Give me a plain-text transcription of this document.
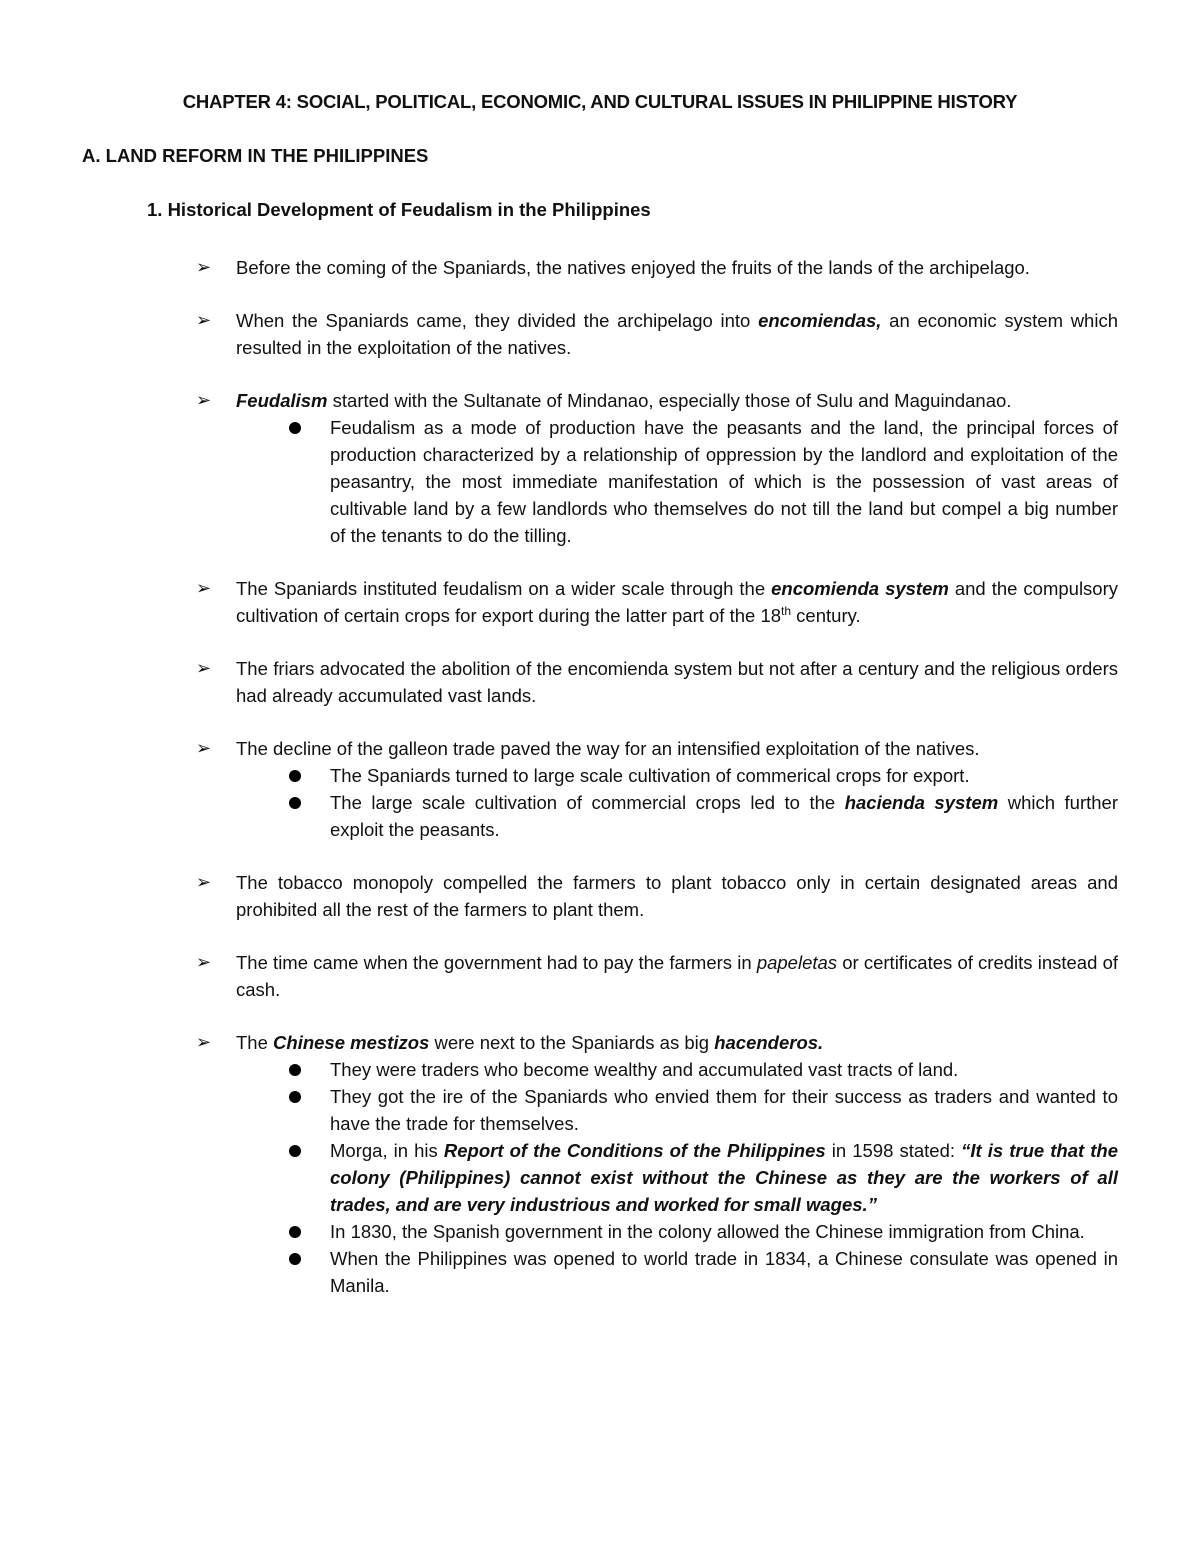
CHAPTER 4: SOCIAL, POLITICAL, ECONOMIC, AND CULTURAL ISSUES IN PHILIPPINE HISTORY
A. LAND REFORM IN THE PHILIPPINES
1. Historical Development of Feudalism in the Philippines
➢ Before the coming of the Spaniards, the natives enjoyed the fruits of the lands of the archipelago.
➢ When the Spaniards came, they divided the archipelago into encomiendas, an economic system which resulted in the exploitation of the natives.
➢ Feudalism started with the Sultanate of Mindanao, especially those of Sulu and Maguindanao.
Feudalism as a mode of production have the peasants and the land, the principal forces of production characterized by a relationship of oppression by the landlord and exploitation of the peasantry, the most immediate manifestation of which is the possession of vast areas of cultivable land by a few landlords who themselves do not till the land but compel a big number of the tenants to do the tilling.
➢ The Spaniards instituted feudalism on a wider scale through the encomienda system and the compulsory cultivation of certain crops for export during the latter part of the 18th century.
➢ The friars advocated the abolition of the encomienda system but not after a century and the religious orders had already accumulated vast lands.
➢ The decline of the galleon trade paved the way for an intensified exploitation of the natives.
The Spaniards turned to large scale cultivation of commerical crops for export.
The large scale cultivation of commercial crops led to the hacienda system which further exploit the peasants.
➢ The tobacco monopoly compelled the farmers to plant tobacco only in certain designated areas and prohibited all the rest of the farmers to plant them.
➢ The time came when the government had to pay the farmers in papeletas or certificates of credits instead of cash.
➢ The Chinese mestizos were next to the Spaniards as big hacenderos.
They were traders who become wealthy and accumulated vast tracts of land.
They got the ire of the Spaniards who envied them for their success as traders and wanted to have the trade for themselves.
Morga, in his Report of the Conditions of the Philippines in 1598 stated: “It is true that the colony (Philippines) cannot exist without the Chinese as they are the workers of all trades, and are very industrious and worked for small wages.”
In 1830, the Spanish government in the colony allowed the Chinese immigration from China.
When the Philippines was opened to world trade in 1834, a Chinese consulate was opened in Manila.
